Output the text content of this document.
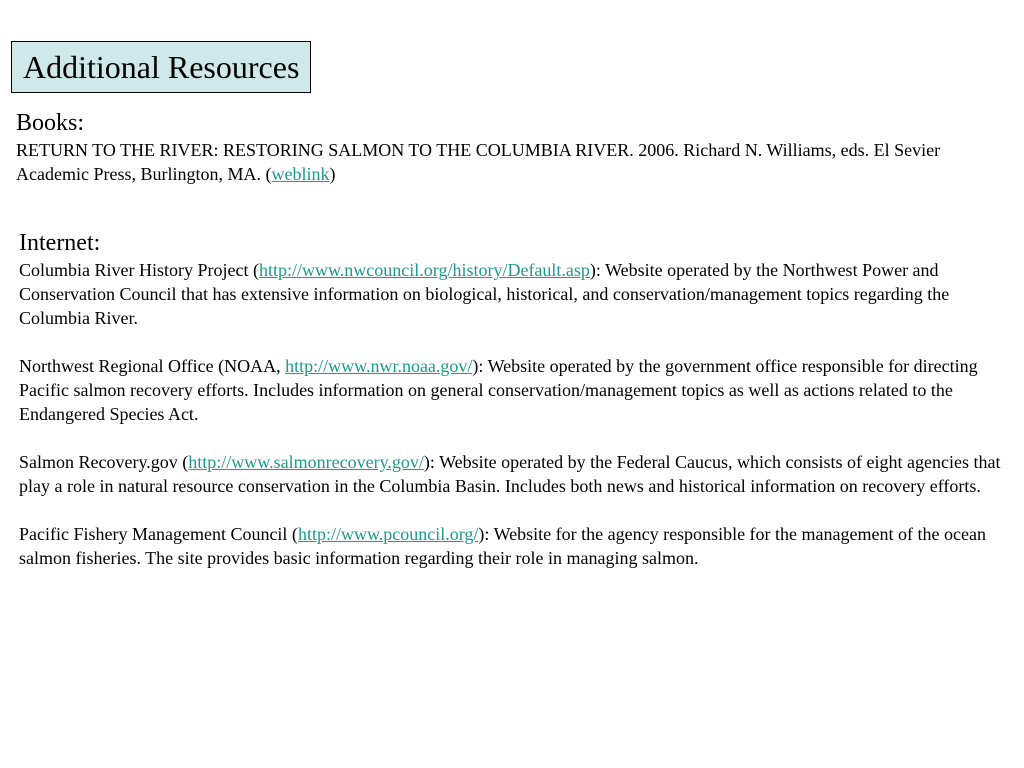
Additional Resources
Books:
RETURN TO THE RIVER: RESTORING SALMON TO THE COLUMBIA RIVER. 2006. Richard N. Williams, eds. El Sevier Academic Press, Burlington, MA. (weblink)
Internet:
Columbia River History Project (http://www.nwcouncil.org/history/Default.asp): Website operated by the Northwest Power and Conservation Council that has extensive information on biological, historical, and conservation/management topics regarding the Columbia River.
Northwest Regional Office (NOAA, http://www.nwr.noaa.gov/): Website operated by the government office responsible for directing Pacific salmon recovery efforts. Includes information on general conservation/management topics as well as actions related to the Endangered Species Act.
Salmon Recovery.gov (http://www.salmonrecovery.gov/): Website operated by the Federal Caucus, which consists of eight agencies that play a role in natural resource conservation in the Columbia Basin. Includes both news and historical information on recovery efforts.
Pacific Fishery Management Council (http://www.pcouncil.org/): Website for the agency responsible for the management of the ocean salmon fisheries. The site provides basic information regarding their role in managing salmon.
